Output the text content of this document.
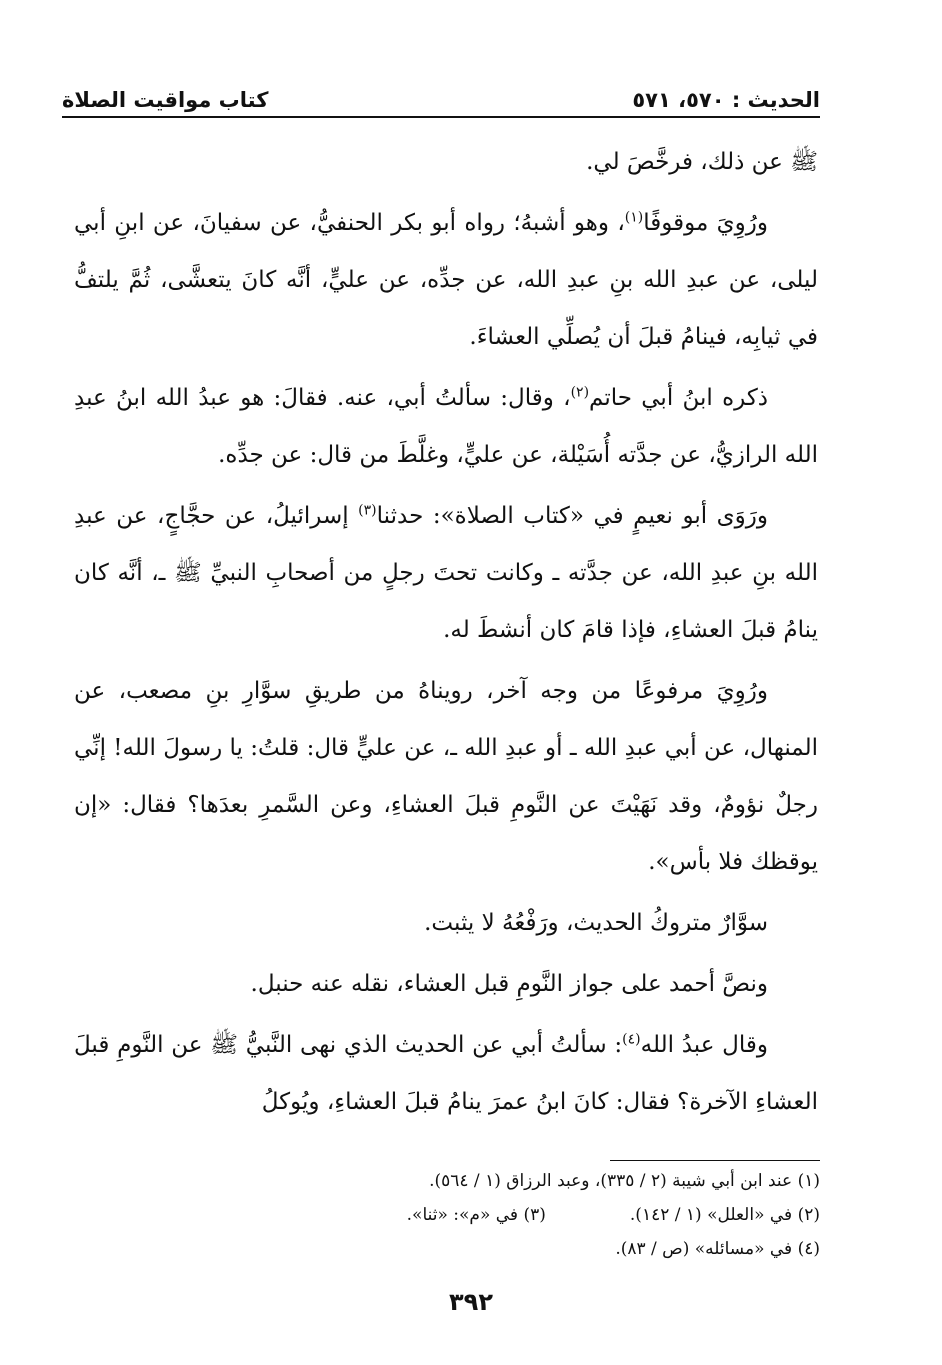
الحديث : ٥٧٠، ٥٧١
كتاب مواقيت الصلاة

ﷺ عن ذلك، فرخَّصَ لي.

ورُوِيَ موقوفًا$^{(١)}$، وهو أشبهُ؛ رواه أبو بكر الحنفيُّ، عن سفيانَ، عن ابنِ أبي ليلى، عن عبدِ الله بنِ عبدِ الله، عن جدِّه، عن عليٍّ، أنَّه كانَ يتعشَّى، ثُمَّ يلتفُّ في ثيابِه، فينامُ قبلَ أن يُصلِّي العشاءَ.

ذكره ابنُ أبي حاتم$^{(٢)}$، وقال: سألتُ أبي، عنه. فقالَ: هو عبدُ الله ابنُ عبدِ الله الرازيُّ، عن جدَّته أُسَيْلة، عن عليٍّ، وغلَّطَ من قال: عن جدِّه.

ورَوَى أبو نعيمٍ في «كتاب الصلاة»: حدثنا$^{(٣)}$ إسرائيلُ، عن حجَّاجٍ، عن عبدِ الله بنِ عبدِ الله، عن جدَّته ـ وكانت تحتَ رجلٍ من أصحابِ النبيِّ ﷺ ـ، أنَّه كان ينامُ قبلَ العشاءِ، فإذا قامَ كان أنشطَ له.

ورُوِيَ مرفوعًا من وجه آخر، رويناهُ من طريقِ سوَّارِ بنِ مصعب، عن المنهال، عن أبي عبدِ الله ـ أو عبدِ الله ـ، عن عليٍّ قال: قلتُ: يا رسولَ الله! إنِّي رجلٌ نؤومٌ، وقد نَهَيْتَ عن النَّومِ قبلَ العشاءِ، وعن السَّمرِ بعدَها؟ فقال: «إن يوقظك فلا بأس».

سوَّارٌ متروكُ الحديث، ورَفْعُهُ لا يثبت.

ونصَّ أحمد على جواز النَّومِ قبل العشاء، نقله عنه حنبل.

وقال عبدُ الله$^{(٤)}$: سألتُ أبي عن الحديث الذي نهى النَّبيُّ ﷺ عن النَّومِ قبلَ العشاءِ الآخرة؟ فقال: كانَ ابنُ عمرَ ينامُ قبلَ العشاءِ، ويُوكلُ

(١) عند ابن أبي شيبة (٢ / ٣٣٥)، وعبد الرزاق (١ / ٥٦٤).
(٢) في «العلل» (١ / ١٤٢).
(٣) في «م»: «ثنا».
(٤) في «مسائله» (ص / ٨٣).
٣٩٢
